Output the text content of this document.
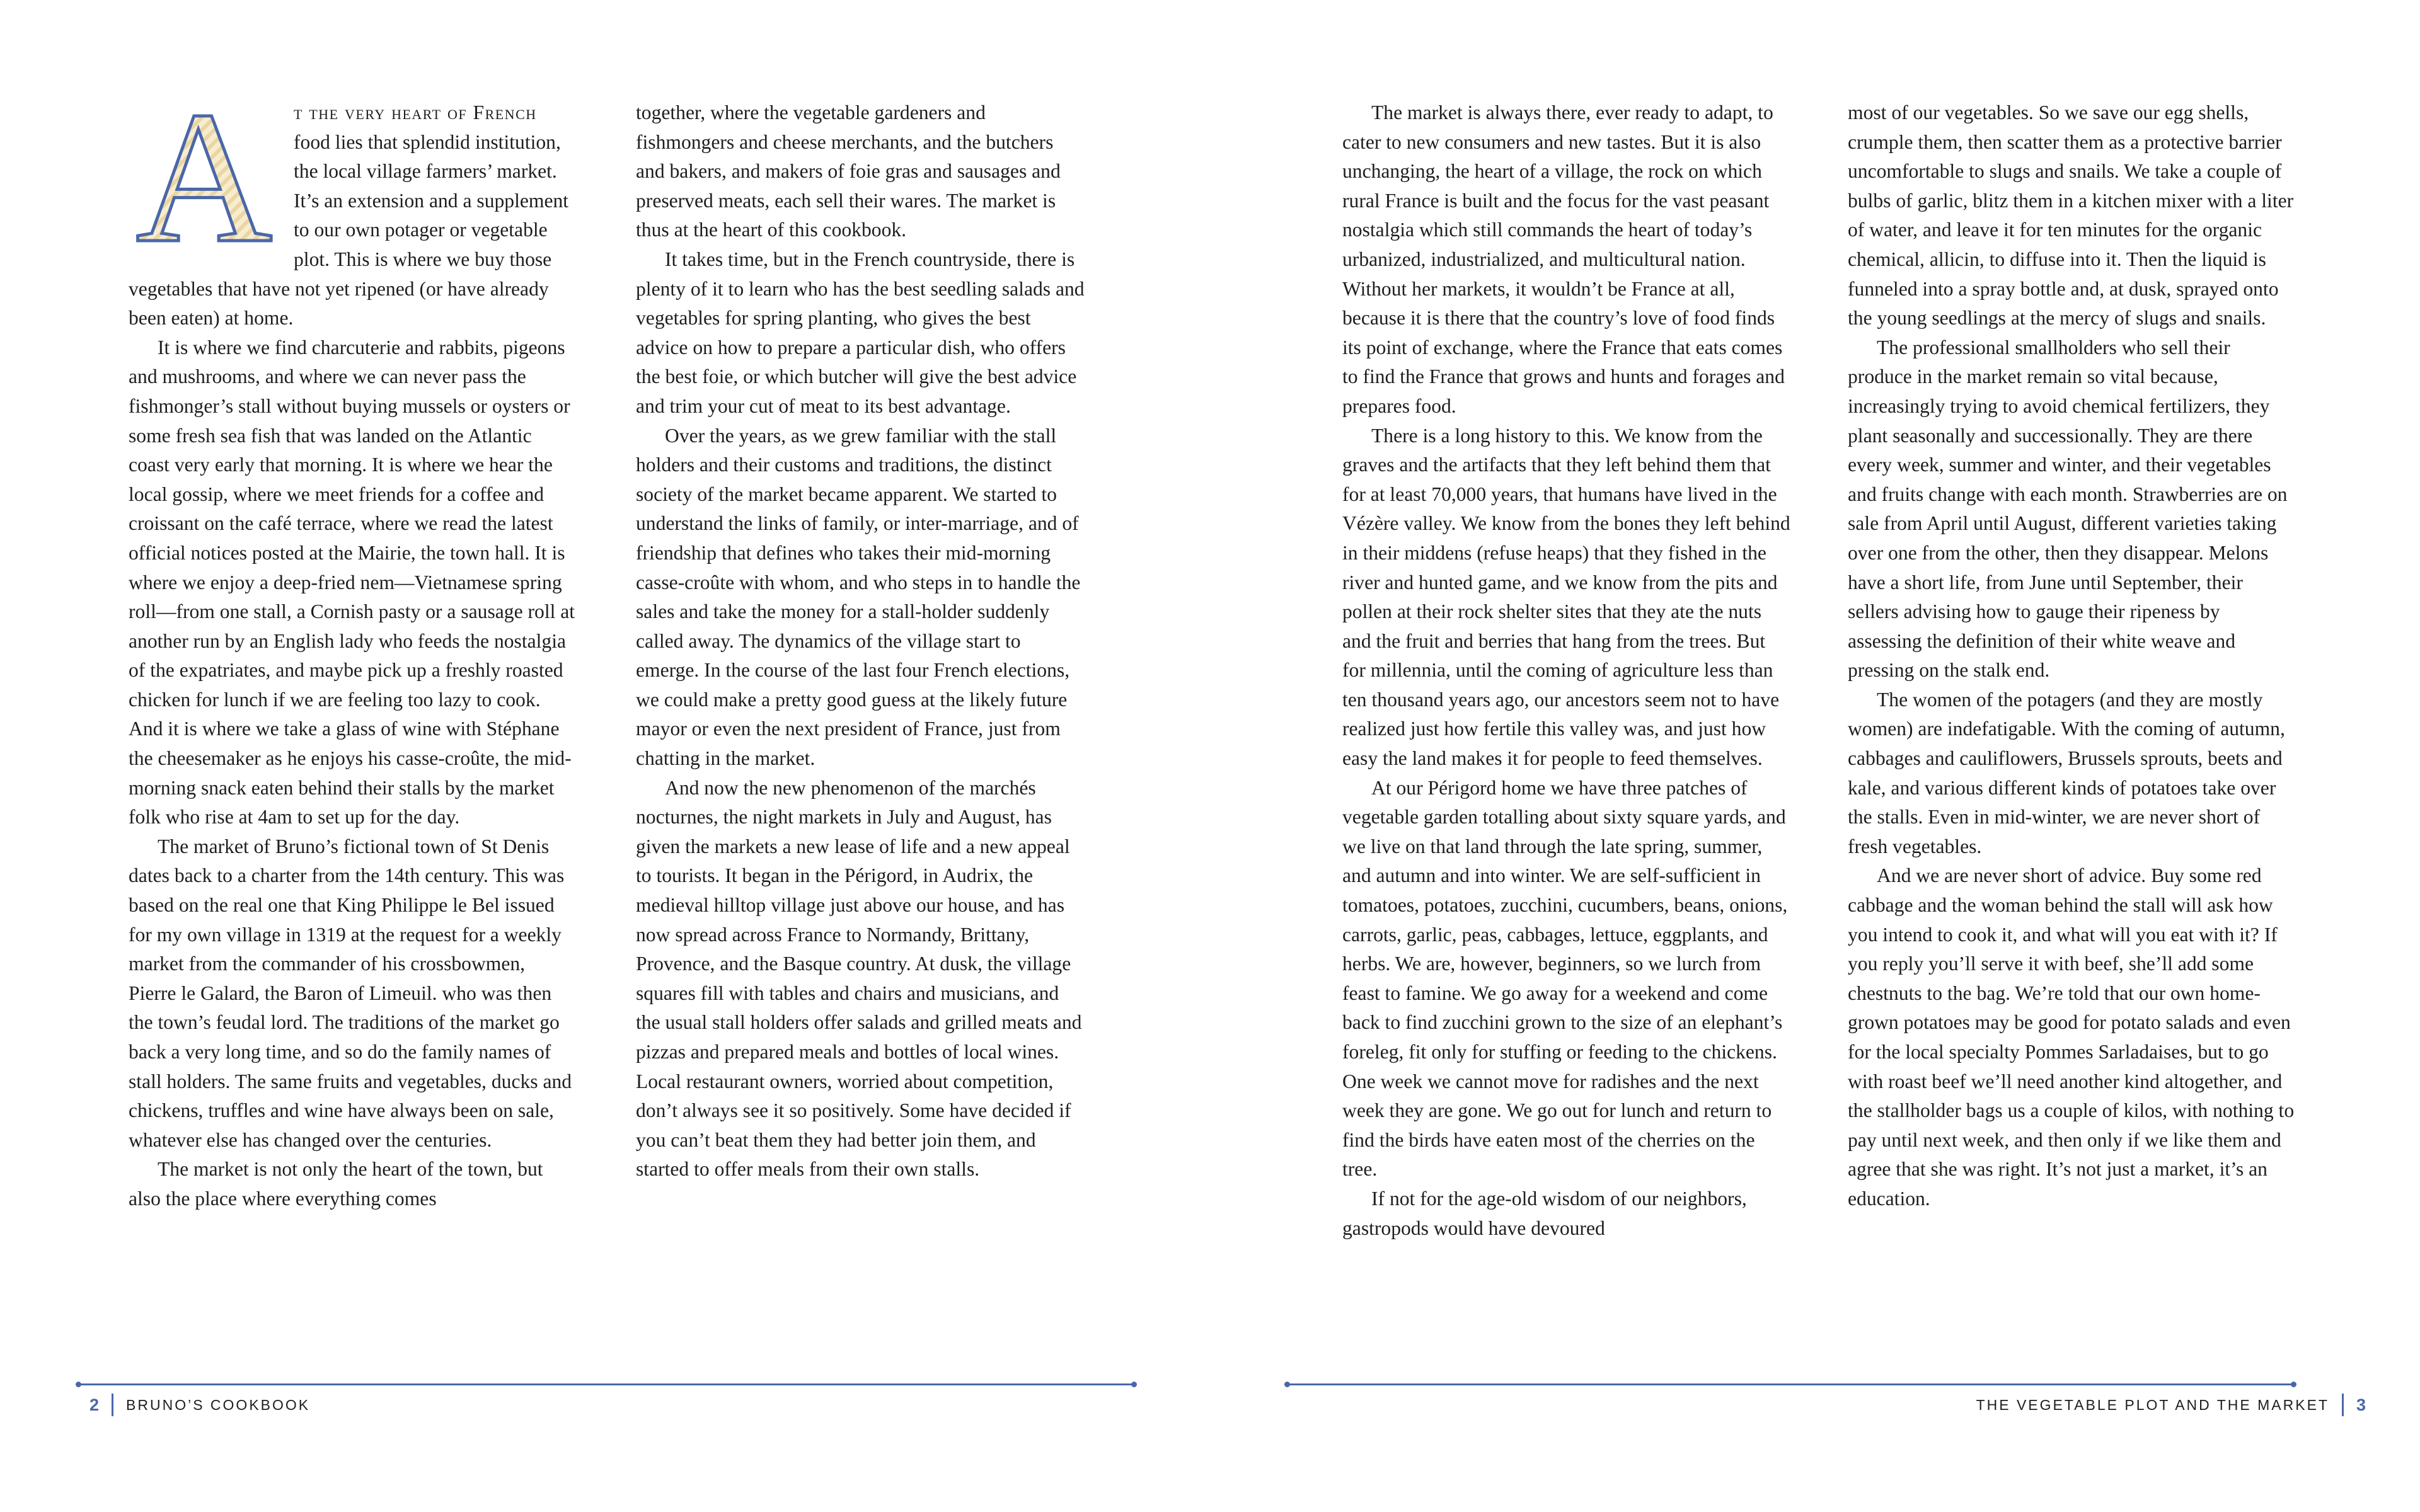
A	t the very heart of French food lies that splendid institution, the local village farmers’ market. It’s an extension and a supplement to our own potager or vegetable plot. This is where we buy those vegetables that have not yet ripened (or have already been eaten) at home.

It is where we find charcuterie and rabbits, pigeons and mushrooms, and where we can never pass the fishmonger’s stall without buying mussels or oysters or some fresh sea fish that was landed on the Atlantic coast very early that morning. It is where we hear the local gossip, where we meet friends for a coffee and croissant on the café terrace, where we read the latest official notices posted at the Mairie, the town hall. It is where we enjoy a deep-fried nem—Vietnamese spring roll—from one stall, a Cornish pasty or a sausage roll at another run by an English lady who feeds the nostalgia of the expatriates, and maybe pick up a freshly roasted chicken for lunch if we are feeling too lazy to cook. And it is where we take a glass of wine with Stéphane the cheesemaker as he enjoys his casse-croûte, the mid-morning snack eaten behind their stalls by the market folk who rise at 4am to set up for the day.

The market of Bruno’s fictional town of St Denis dates back to a charter from the 14th century. This was based on the real one that King Philippe le Bel issued for my own village in 1319 at the request for a weekly market from the commander of his crossbowmen, Pierre le Galard, the Baron of Limeuil. who was then the town’s feudal lord. The traditions of the market go back a very long time, and so do the family names of stall holders. The same fruits and vegetables, ducks and chickens, truffles and wine have always been on sale, whatever else has changed over the centuries.

The market is not only the heart of the town, but also the place where everything comes

together, where the vegetable gardeners and fishmongers and cheese merchants, and the butchers and bakers, and makers of foie gras and sausages and preserved meats, each sell their wares. The market is thus at the heart of this cookbook.

It takes time, but in the French countryside, there is plenty of it to learn who has the best seedling salads and vegetables for spring planting, who gives the best advice on how to prepare a particular dish, who offers the best foie, or which butcher will give the best advice and trim your cut of meat to its best advantage.

Over the years, as we grew familiar with the stall holders and their customs and traditions, the distinct society of the market became apparent. We started to understand the links of family, or inter-marriage, and of friendship that defines who takes their mid-morning casse-croûte with whom, and who steps in to handle the sales and take the money for a stall-holder suddenly called away. The dynamics of the village start to emerge. In the course of the last four French elections, we could make a pretty good guess at the likely future mayor or even the next president of France, just from chatting in the market.

And now the new phenomenon of the marchés nocturnes, the night markets in July and August, has given the markets a new lease of life and a new appeal to tourists. It began in the Périgord, in Audrix, the medieval hilltop village just above our house, and has now spread across France to Normandy, Brittany, Provence, and the Basque country. At dusk, the village squares fill with tables and chairs and musicians, and the usual stall holders offer salads and grilled meats and pizzas and prepared meals and bottles of local wines. Local restaurant owners, worried about competition, don’t always see it so positively. Some have decided if you can’t beat them they had better join them, and started to offer meals from their own stalls.

2 BRUNO’S COOKBOOK

The market is always there, ever ready to adapt, to cater to new consumers and new tastes. But it is also unchanging, the heart of a village, the rock on which rural France is built and the focus for the vast peasant nostalgia which still commands the heart of today’s urbanized, industrialized, and multicultural nation. Without her markets, it wouldn’t be France at all, because it is there that the country’s love of food finds its point of exchange, where the France that eats comes to find the France that grows and hunts and forages and prepares food.

There is a long history to this. We know from the graves and the artifacts that they left behind them that for at least 70,000 years, that humans have lived in the Vézère valley. We know from the bones they left behind in their middens (refuse heaps) that they fished in the river and hunted game, and we know from the pits and pollen at their rock shelter sites that they ate the nuts and the fruit and berries that hang from the trees. But for millennia, until the coming of agriculture less than ten thousand years ago, our ancestors seem not to have realized just how fertile this valley was, and just how easy the land makes it for people to feed themselves.

At our Périgord home we have three patches of vegetable garden totalling about sixty square yards, and we live on that land through the late spring, summer, and autumn and into winter. We are self-sufficient in tomatoes, potatoes, zucchini, cucumbers, beans, onions, carrots, garlic, peas, cabbages, lettuce, eggplants, and herbs. We are, however, beginners, so we lurch from feast to famine. We go away for a weekend and come back to find zucchini grown to the size of an elephant’s foreleg, fit only for stuffing or feeding to the chickens. One week we cannot move for radishes and the next week they are gone. We go out for lunch and return to find the birds have eaten most of the cherries on the tree.

If not for the age-old wisdom of our neighbors, gastropods would have devoured

most of our vegetables. So we save our egg shells, crumple them, then scatter them as a protective barrier uncomfortable to slugs and snails. We take a couple of bulbs of garlic, blitz them in a kitchen mixer with a liter of water, and leave it for ten minutes for the organic chemical, allicin, to diffuse into it. Then the liquid is funneled into a spray bottle and, at dusk, sprayed onto the young seedlings at the mercy of slugs and snails.

The professional smallholders who sell their produce in the market remain so vital because, increasingly trying to avoid chemical fertilizers, they plant seasonally and successionally. They are there every week, summer and winter, and their vegetables and fruits change with each month. Strawberries are on sale from April until August, different varieties taking over one from the other, then they disappear. Melons have a short life, from June until September, their sellers advising how to gauge their ripeness by assessing the definition of their white weave and pressing on the stalk end.

The women of the potagers (and they are mostly women) are indefatigable. With the coming of autumn, cabbages and cauliflowers, Brussels sprouts, beets and kale, and various different kinds of potatoes take over the stalls. Even in mid-winter, we are never short of fresh vegetables.

And we are never short of advice. Buy some red cabbage and the woman behind the stall will ask how you intend to cook it, and what will you eat with it? If you reply you’ll serve it with beef, she’ll add some chestnuts to the bag. We’re told that our own home-grown potatoes may be good for potato salads and even for the local specialty Pommes Sarladaises, but to go with roast beef we’ll need another kind altogether, and the stallholder bags us a couple of kilos, with nothing to pay until next week, and then only if we like them and agree that she was right. It’s not just a market, it’s an education.

THE VEGETABLE PLOT AND THE MARKET 3
